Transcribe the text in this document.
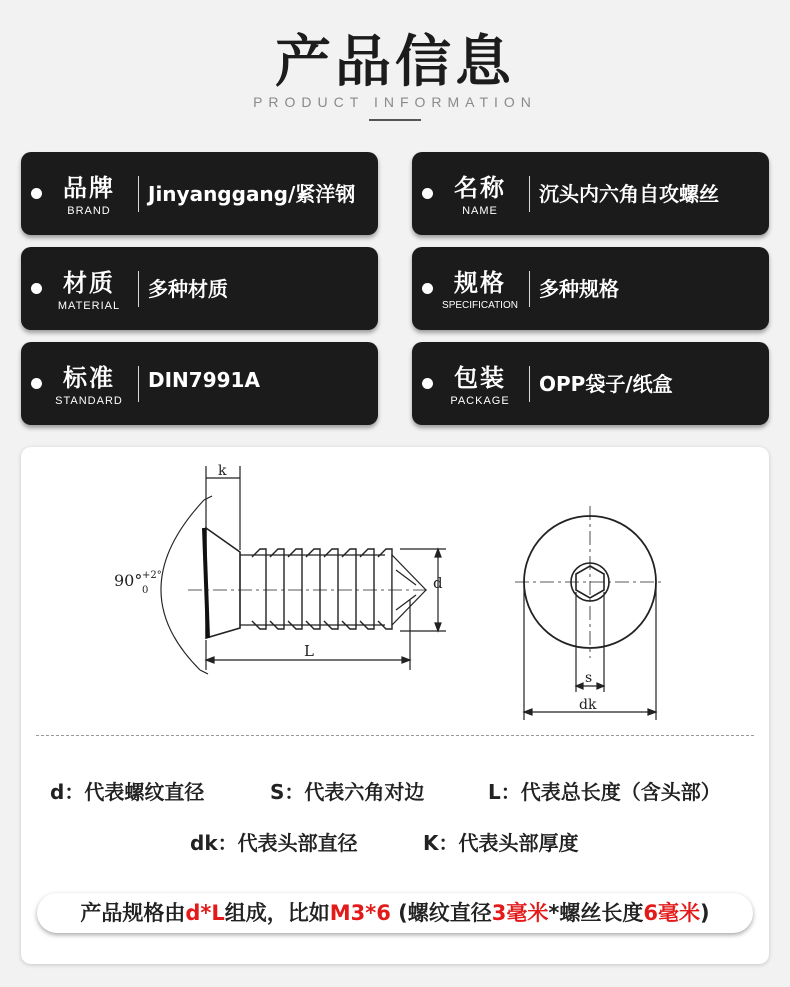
产品信息
PRODUCT INFORMATION
品牌
BRAND
Jinyanggang/紧洋钢	名称
NAME
沉头内六角自攻螺丝
材质
MATERIAL
多种材质	规格
SPECIFICATION
多种规格
标准
STANDARD
DIN7991A	包装
PACKAGE
OPP袋子/纸盒
k
90° +2°
0	d
L
s
dk
d：代表螺纹直径	S：代表六角对边	L：代表总长度（含头部）
dk：代表头部直径	K：代表头部厚度
产品规格由d*L组成，比如M3*6 (螺纹直径3毫米*螺丝长度6毫米)
